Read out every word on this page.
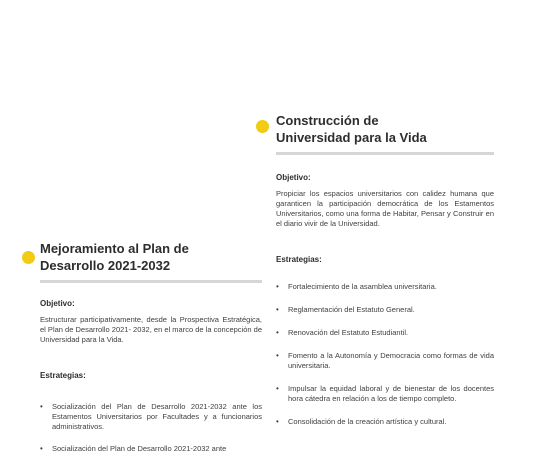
Construcción de
Universidad para la Vida
Objetivo:
Propiciar los espacios universitarios con calidez humana que garanticen la participación democrática de los Estamentos Universitarios, como una forma de Habitar, Pensar y Construir en el diario vivir de la Universidad.
Estrategias:
• Fortalecimiento de la asamblea universitaria.
• Reglamentación del Estatuto General.
• Renovación del Estatuto Estudiantil.
• Fomento a la Autonomía y Democracia como formas de vida universitaria.
• Impulsar la equidad laboral y de bienestar de los docentes hora cátedra en relación a los de tiempo completo.
• Consolidación de la creación artística y cultural.
Mejoramiento al Plan de
Desarrollo 2021-2032
Objetivo:
Estructurar participativamente, desde la Prospectiva Estratégica, el Plan de Desarrollo 2021- 2032, en el marco de la concepción de Universidad para la Vida.
Estrategias:
• Socialización del Plan de Desarrollo 2021-2032 ante los Estamentos Universitarios por Facultades y a funcionarios administrativos.
• Socialización del Plan de Desarrollo 2021-2032 ante
